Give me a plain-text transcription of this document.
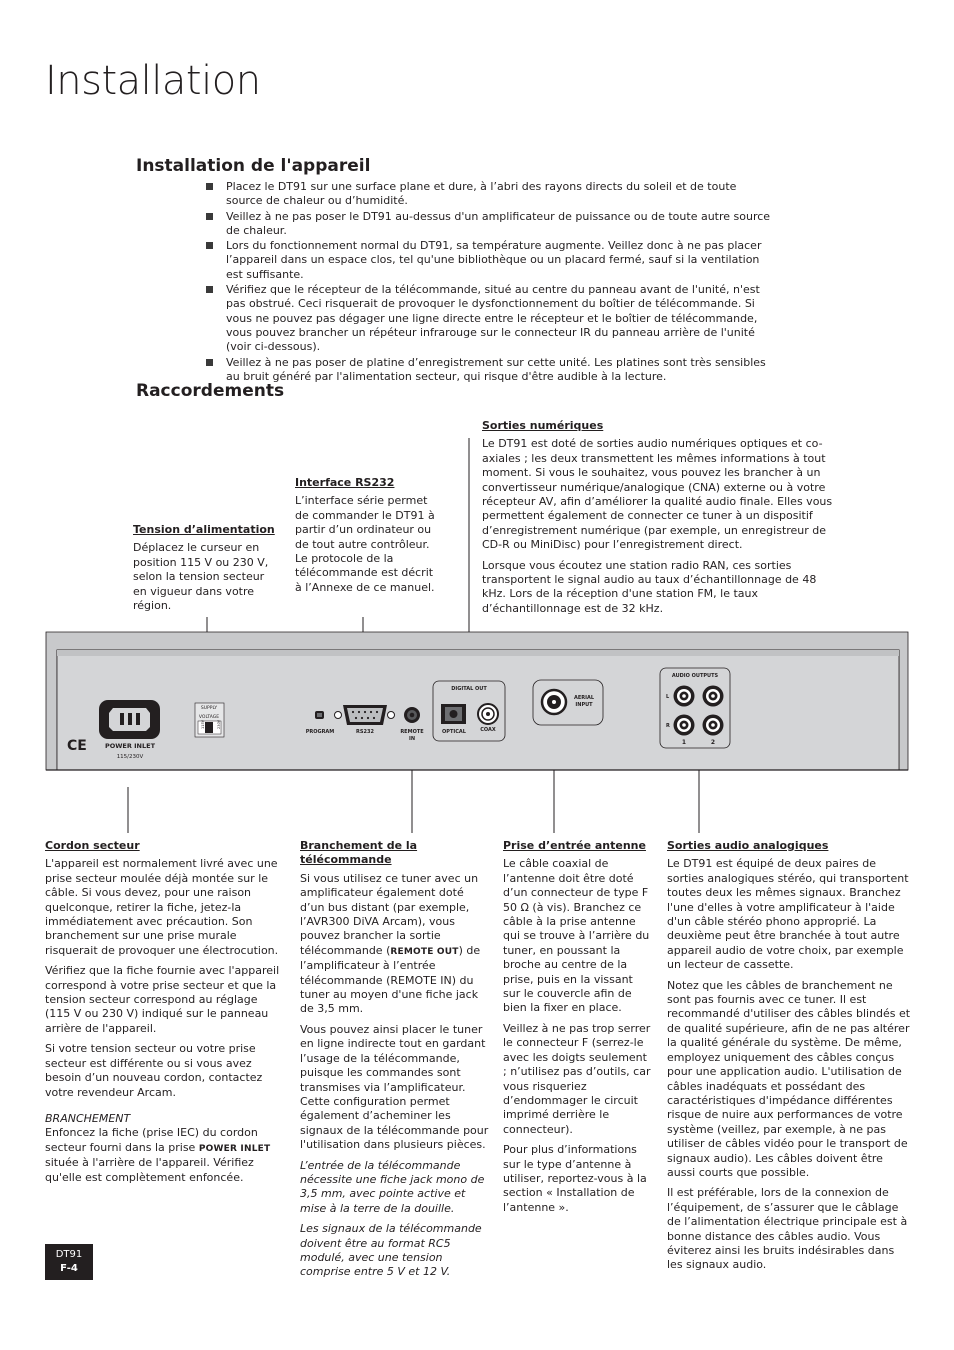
Installation
Installation de l'appareil
Placez le DT91 sur une surface plane et dure, à l’abri des rayons directs du soleil et de toute source de chaleur ou d’humidité.
Veillez à ne pas poser le DT91 au-dessus d'un amplificateur de puissance ou de toute autre source de chaleur.
Lors du fonctionnement normal du DT91, sa température augmente. Veillez donc à ne pas placer l’appareil dans un espace clos, tel qu'une bibliothèque ou un placard fermé, sauf si la ventilation est suffisante.
Vérifiez que le récepteur de la télécommande, situé au centre du panneau avant de l'unité, n'est pas obstrué. Ceci risquerait de provoquer le dysfonctionnement du boîtier de télécommande. Si vous ne pouvez pas dégager une ligne directe entre le récepteur et le boîtier de télécommande, vous pouvez brancher un répéteur infrarouge sur le connecteur IR du panneau arrière de l'unité (voir ci-dessous).
Veillez à ne pas poser de platine d’enregistrement sur cette unité. Les platines sont très sensibles au bruit généré par l'alimentation secteur, qui risque d'être audible à la lecture.
Raccordements
Sorties numériques

Le DT91 est doté de sorties audio numériques optiques et co-axiales ; les deux transmettent les mêmes informations à tout moment. Si vous le souhaitez, vous pouvez les brancher à un convertisseur numérique/analogique (CNA) externe ou à votre récepteur AV, afin d’améliorer la qualité audio finale. Elles vous permettent également de connecter ce tuner à un dispositif d’enregistrement numérique (par exemple, un enregistreur de CD-R ou MiniDisc) pour l’enregistrement direct.

Lorsque vous écoutez une station radio RAN, ces sorties transportent le signal audio au taux d’échantillonnage de 48 kHz. Lors de la réception d'une station FM, le taux d’échantillonnage est de 32 kHz.

Interface RS232

L’interface série permet de commander le DT91 à partir d’un ordinateur ou de tout autre contrôleur. Le protocole de la télécommande est décrit à l’Annexe de ce manuel.

Tension d’alimentation

Déplacez le curseur en position 115 V ou 230 V, selon la tension secteur en vigueur dans votre région.

CE	POWER INLET
115/230V
SUPPLY
VOLTAGE
115V	230V
PROGRAM	RS232	REMOTE
IN
DIGITAL OUT
OPTICAL	COAX
AERIAL
INPUT
AUDIO OUTPUTS
L
R
1	2
Cordon secteur

L'appareil est normalement livré avec une prise secteur moulée déjà montée sur le câble. Si vous devez, pour une raison quelconque, retirer la fiche, jetez-la immédiatement avec précaution. Son branchement sur une prise murale risquerait de provoquer une électrocution.

Vérifiez que la fiche fournie avec l'appareil correspond à votre prise secteur et que la tension secteur correspond au réglage (115 V ou 230 V) indiqué sur le panneau arrière de l'appareil.

Si votre tension secteur ou votre prise secteur est différente ou si vous avez besoin d’un nouveau cordon, contactez votre revendeur Arcam.

BRANCHEMENT

Enfoncez la fiche (prise IEC) du cordon secteur fourni dans la prise POWER INLET située à l'arrière de l'appareil. Vérifiez qu'elle est complètement enfoncée.

Branchement de la télécommande

Si vous utilisez ce tuner avec un amplificateur également doté d’un bus distant (par exemple, l’AVR300 DiVA Arcam), vous pouvez brancher la sortie télécommande (REMOTE OUT) de l’amplificateur à l’entrée télécommande (REMOTE IN) du tuner au moyen d'une fiche jack de 3,5 mm.

Vous pouvez ainsi placer le tuner en ligne indirecte tout en gardant l’usage de la télécommande, puisque les commandes sont transmises via l’amplificateur. Cette configuration permet également d’acheminer les signaux de la télécommande pour l'utilisation dans plusieurs pièces.

L’entrée de la télécommande nécessite une fiche jack mono de 3,5 mm, avec pointe active et mise à la terre de la douille.

Les signaux de la télécommande doivent être au format RC5 modulé, avec une tension comprise entre 5 V et 12 V.

Prise d’entrée antenne

Le câble coaxial de l’antenne doit être doté d’un connecteur de type F 50 Ω (à vis). Branchez ce câble à la prise antenne qui se trouve à l’arrière du tuner, en poussant la broche au centre de la prise, puis en la vissant sur le couvercle afin de bien la fixer en place.

Veillez à ne pas trop serrer le connecteur F (serrez-le avec les doigts seulement ; n’utilisez pas d’outils, car vous risqueriez d’endommager le circuit imprimé derrière le connecteur).

Pour plus d’informations sur le type d’antenne à utiliser, reportez-vous à la section « Installation de l’antenne ».

Sorties audio analogiques

Le DT91 est équipé de deux paires de sorties analogiques stéréo, qui transportent toutes deux les mêmes signaux. Branchez l'une d'elles à votre amplificateur à l'aide d'un câble stéréo phono approprié. La deuxième peut être branchée à tout autre appareil audio de votre choix, par exemple un lecteur de cassette.

Notez que les câbles de branchement ne sont pas fournis avec ce tuner. Il est recommandé d'utiliser des câbles blindés et de qualité supérieure, afin de ne pas altérer la qualité générale du système. De même, employez uniquement des câbles conçus pour une application audio. L'utilisation de câbles inadéquats et possédant des caractéristiques d'impédance différentes risque de nuire aux performances de votre système (veillez, par exemple, à ne pas utiliser de câbles vidéo pour le transport de signaux audio). Les câbles doivent être aussi courts que possible.

Il est préférable, lors de la connexion de l’équipement, de s’assurer que le câblage de l’alimentation électrique principale est à bonne distance des câbles audio. Vous éviterez ainsi les bruits indésirables dans les signaux audio.

DT91
F-4
